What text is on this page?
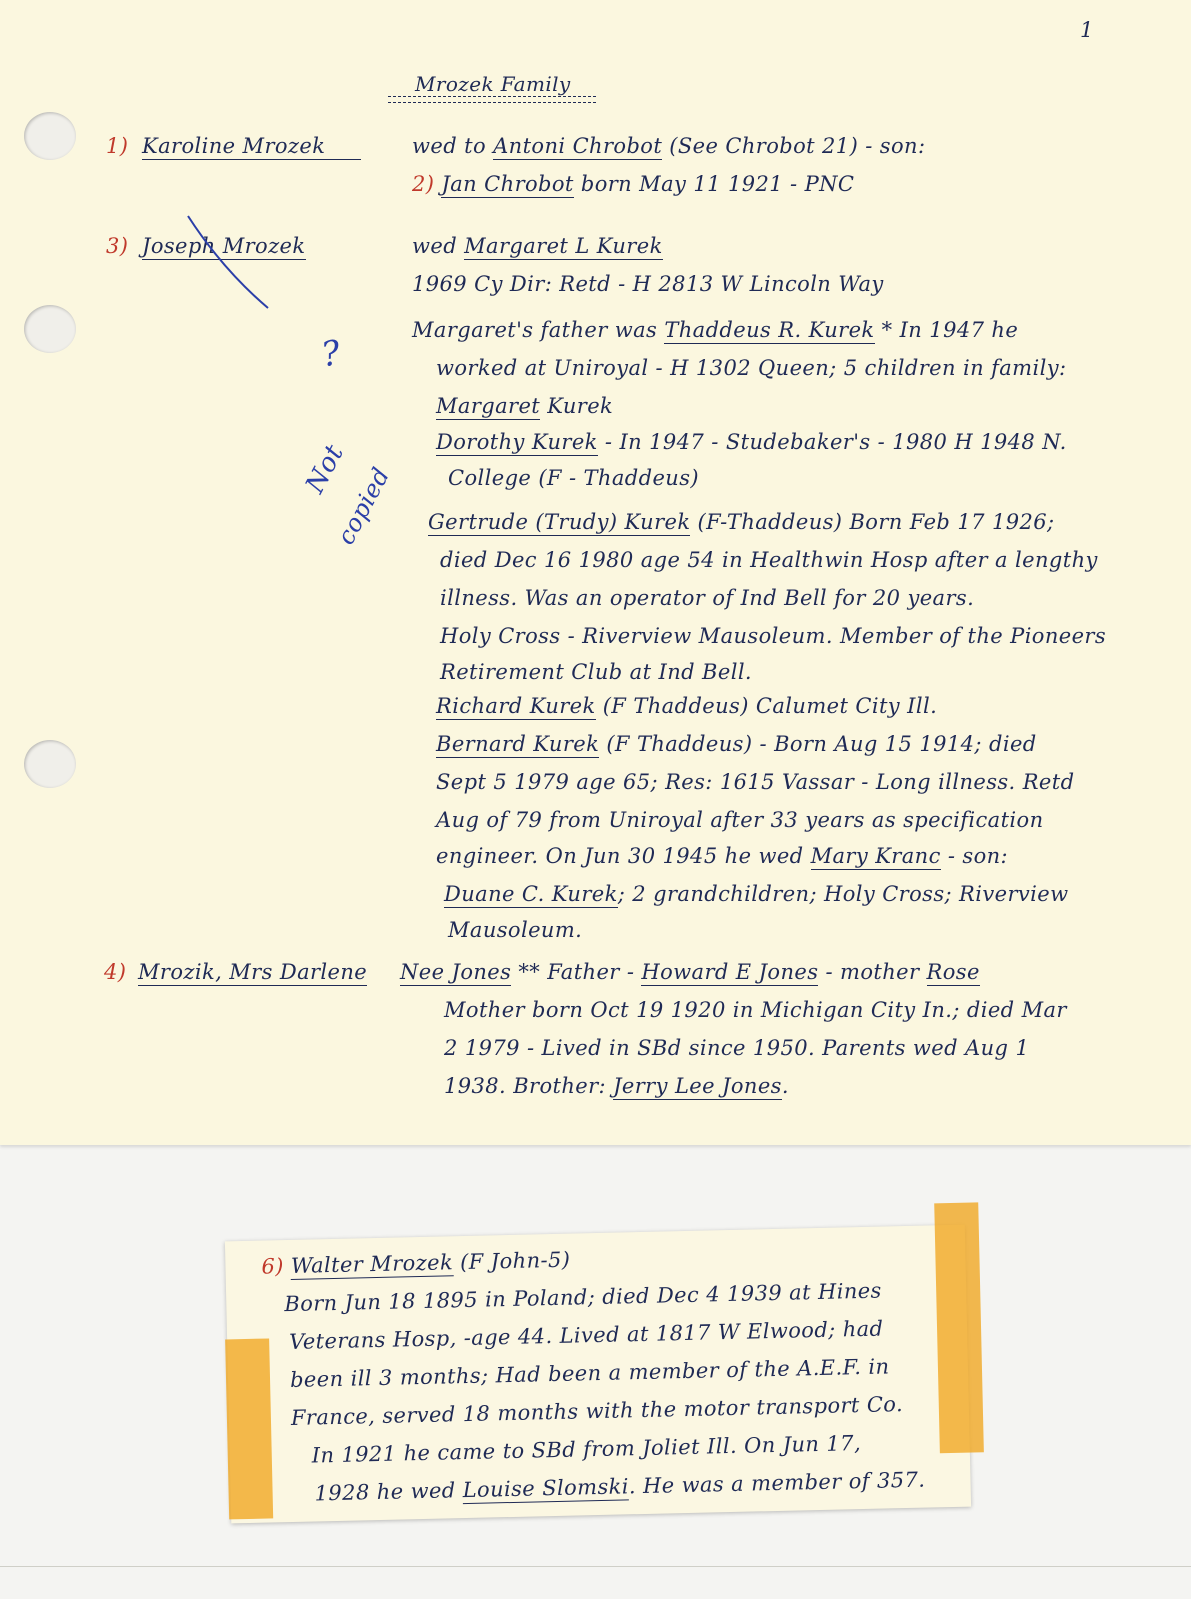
1
Mrozek Family
1) Karoline Mrozek	wed to Antoni Chrobot (See Chrobot 21) - son:
2) Jan Chrobot born May 11 1921 - PNC
3) Joseph Mrozek	wed Margaret L Kurek
1969 Cy Dir: Retd - H 2813 W Lincoln Way
Margaret's father was Thaddeus R. Kurek * In 1947 he
worked at Uniroyal - H 1302 Queen; 5 children in family:
Margaret Kurek
Dorothy Kurek - In 1947 - Studebaker's - 1980 H 1948 N.
College (F - Thaddeus)
Gertrude (Trudy) Kurek (F-Thaddeus) Born Feb 17 1926;
died Dec 16 1980 age 54 in Healthwin Hosp after a lengthy
illness. Was an operator of Ind Bell for 20 years.
Holy Cross - Riverview Mausoleum. Member of the Pioneers
Retirement Club at Ind Bell.
Richard Kurek (F Thaddeus) Calumet City Ill.
Bernard Kurek (F Thaddeus) - Born Aug 15 1914; died
Sept 5 1979 age 65; Res: 1615 Vassar - Long illness. Retd
Aug of 79 from Uniroyal after 33 years as specification
engineer. On Jun 30 1945 he wed Mary Kranc - son:
Duane C. Kurek; 2 grandchildren; Holy Cross; Riverview
Mausoleum.
4) Mrozik, Mrs Darlene Nee Jones ** Father - Howard E Jones - mother Rose
Mother born Oct 19 1920 in Michigan City In.; died Mar
2 1979 - Lived in SBd since 1950. Parents wed Aug 1
1938. Brother: Jerry Lee Jones.
?
Not
copied
6) Walter Mrozek (F John-5)
Born Jun 18 1895 in Poland; died Dec 4 1939 at Hines
Veterans Hosp, -age 44. Lived at 1817 W Elwood; had
been ill 3 months; Had been a member of the A.E.F. in
France, served 18 months with the motor transport Co.
In 1921 he came to SBd from Joliet Ill. On Jun 17,
1928 he wed Louise Slomski. He was a member of 357.
